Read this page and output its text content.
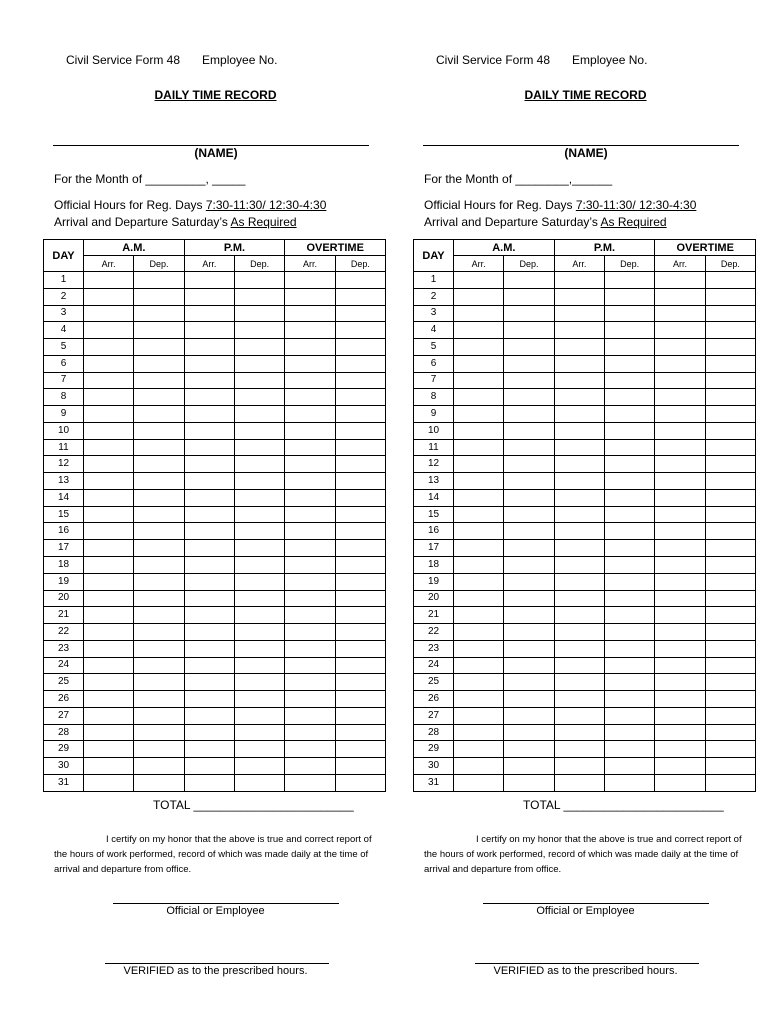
Civil Service Form 48 Employee No.
DAILY TIME RECORD
(NAME)
For the Month of _________, _____
Official Hours for Reg. Days 7:30-11:30/ 12:30-4:30
Arrival and Departure Saturday’s As Required
DAY	A.M.		P.M.		OVERTIME	
	Arr.	Dep.	Arr.	Dep.	Arr.	Dep.
1						
2						
3						
4						
5						
6						
7						
8						
9						
10						
11						
12						
13						
14						
15						
16						
17						
18						
19						
20						
21						
22						
23						
24						
25						
26						
27						
28						
29						
30						
31						
TOTAL ________________________
I certify on my honor that the above is true and correct report of the hours of work performed, record of which was made daily at the time of arrival and departure from office.
Official or Employee
VERIFIED as to the prescribed hours.
Civil Service Form 48 Employee No.
DAILY TIME RECORD
(NAME)
For the Month of ________,______
Official Hours for Reg. Days 7:30-11:30/ 12:30-4:30
Arrival and Departure Saturday’s As Required
DAY	A.M.		P.M.		OVERTIME	
	Arr.	Dep.	Arr.	Dep.	Arr.	Dep.
1						
2						
3						
4						
5						
6						
7						
8						
9						
10						
11						
12						
13						
14						
15						
16						
17						
18						
19						
20						
21						
22						
23						
24						
25						
26						
27						
28						
29						
30						
31						
TOTAL ________________________
I certify on my honor that the above is true and correct report of the hours of work performed, record of which was made daily at the time of arrival and departure from office.
Official or Employee
VERIFIED as to the prescribed hours.
